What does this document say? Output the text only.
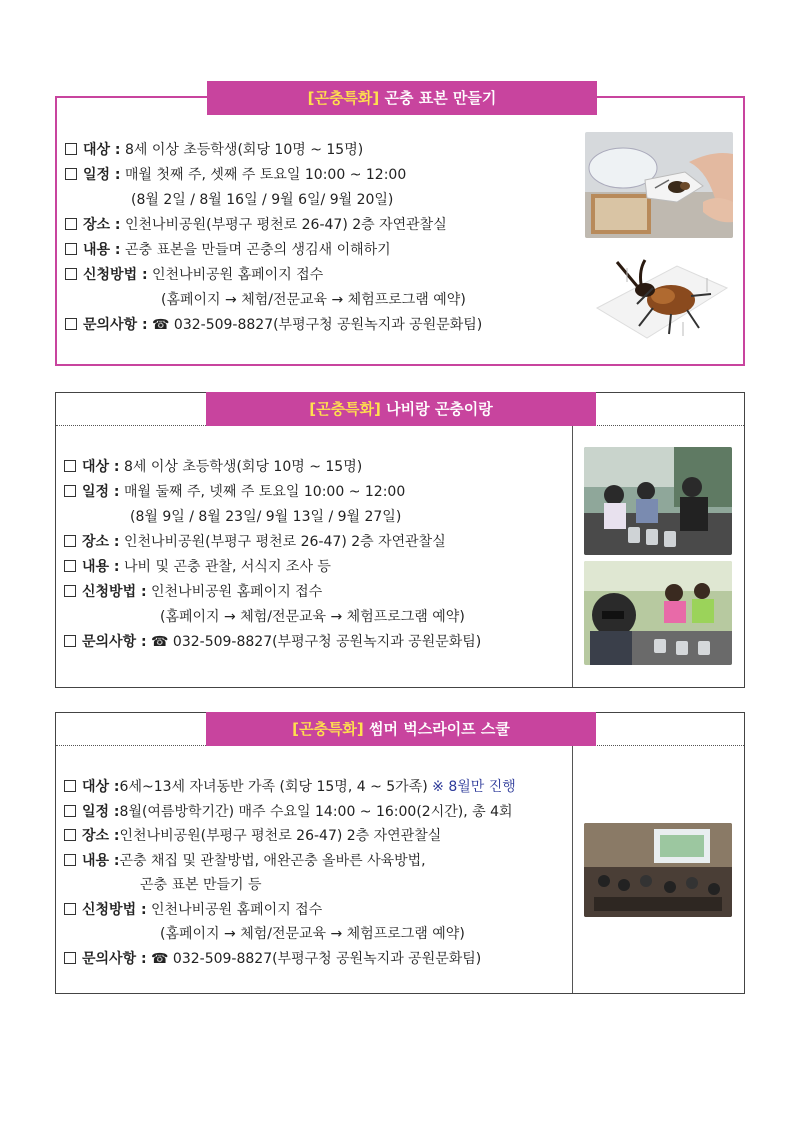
[곤충특화] 곤충 표본 만들기
대상 : 8세 이상 초등학생(회당 10명 ~ 15명)
일정 : 매월 첫째 주, 셋째 주 토요일 10:00 ~ 12:00
(8월 2일 / 8월 16일 / 9월 6일/ 9월 20일)
장소 : 인천나비공원(부평구 평천로 26-47) 2층 자연관찰실
내용 : 곤충 표본을 만들며 곤충의 생김새 이해하기
신청방법 : 인천나비공원 홈페이지 접수
(홈페이지 → 체험/전문교육 → 체험프로그램 예약)
문의사항 : ☎ 032-509-8827(부평구청 공원녹지과 공원문화팀)
[곤충특화] 나비랑 곤충이랑
대상 : 8세 이상 초등학생(회당 10명 ~ 15명)
일정 : 매월 둘째 주, 넷째 주 토요일 10:00 ~ 12:00
(8월 9일 / 8월 23일/ 9월 13일 / 9월 27일)
장소 : 인천나비공원(부평구 평천로 26-47) 2층 자연관찰실
내용 : 나비 및 곤충 관찰, 서식지 조사 등
신청방법 : 인천나비공원 홈페이지 접수
(홈페이지 → 체험/전문교육 → 체험프로그램 예약)
문의사항 : ☎ 032-509-8827(부평구청 공원녹지과 공원문화팀)
[곤충특화] 썸머 벅스라이프 스쿨
대상 :6세~13세 자녀동반 가족 (회당 15명, 4 ~ 5가족) ※ 8월만 진행
일정 :8월(여름방학기간) 매주 수요일 14:00 ~ 16:00(2시간), 총 4회
장소 :인천나비공원(부평구 평천로 26-47) 2층 자연관찰실
내용 :곤충 채집 및 관찰방법, 애완곤충 올바른 사육방법,
곤충 표본 만들기 등
신청방법 : 인천나비공원 홈페이지 접수
(홈페이지 → 체험/전문교육 → 체험프로그램 예약)
문의사항 : ☎ 032-509-8827(부평구청 공원녹지과 공원문화팀)
